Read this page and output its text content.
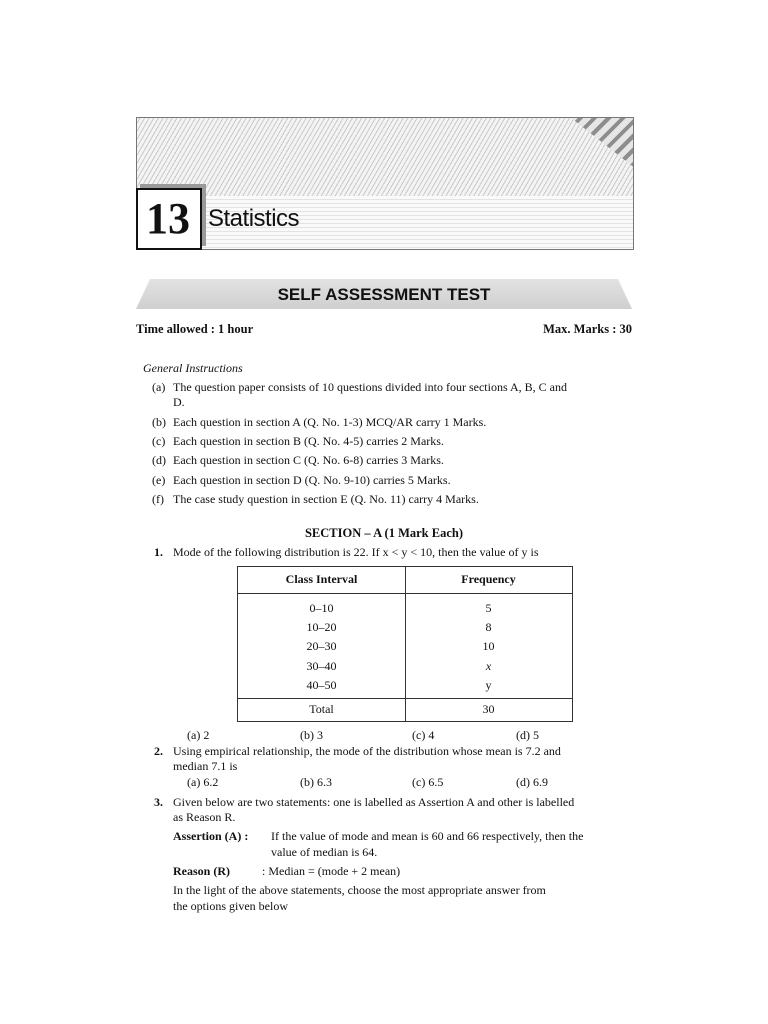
13 Statistics
SELF ASSESSMENT TEST
Time allowed : 1 hour	Max. Marks : 30
General Instructions
(a) The question paper consists of 10 questions divided into four sections A, B, C and
D.
(b) Each question in section A (Q. No. 1-3) MCQ/AR carry 1 Marks.
(c) Each question in section B (Q. No. 4-5) carries 2 Marks.
(d) Each question in section C (Q. No. 6-8) carries 3 Marks.
(e) Each question in section D (Q. No. 9-10) carries 5 Marks.
(f) The case study question in section E (Q. No. 11) carry 4 Marks.
SECTION – A (1 Mark Each)
1. Mode of the following distribution is 22. If x < y < 10, then the value of y is
Class Interval	Frequency
0–10	5
10–20	8
20–30	10
30–40	x
40–50	y
Total	30
(a) 2	(b) 3	(c) 4	(d) 5
2. Using empirical relationship, the mode of the distribution whose mean is 7.2 and
median 7.1 is
(a) 6.2	(b) 6.3	(c) 6.5	(d) 6.9
3. Given below are two statements: one is labelled as Assertion A and other is labelled
as Reason R.
Assertion (A) : If the value of mode and mean is 60 and 66 respectively, then the
value of median is 64.
Reason (R)	: Median = (mode + 2 mean)
In the light of the above statements, choose the most appropriate answer from
the options given below
